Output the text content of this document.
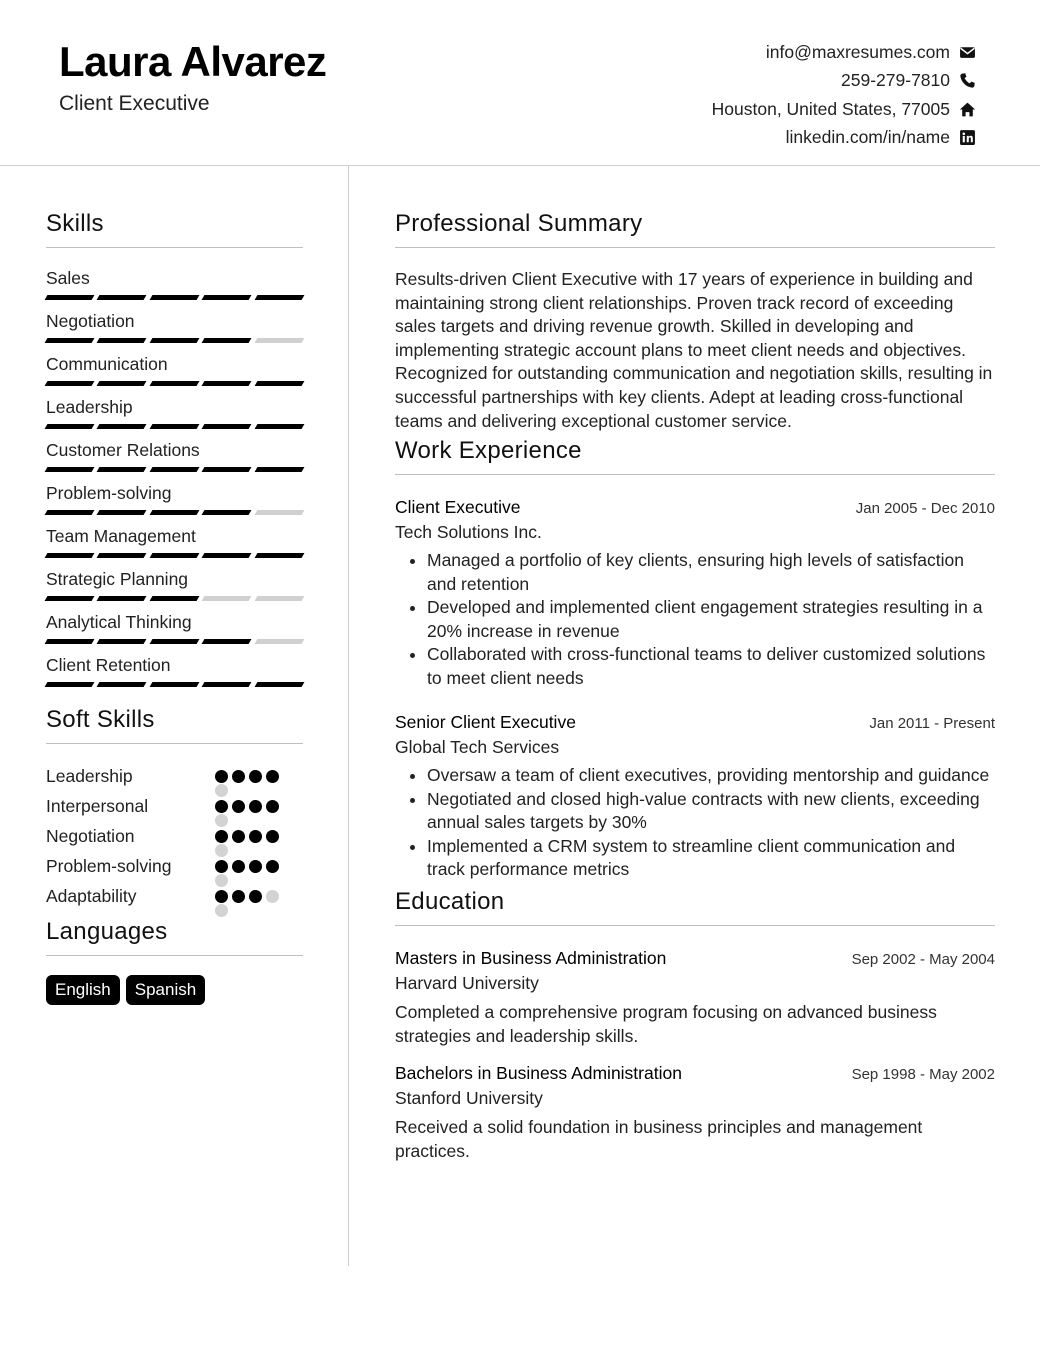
Laura Alvarez
Client Executive
info@maxresumes.com
259-279-7810
Houston, United States, 77005
linkedin.com/in/name
Skills
Sales
Negotiation
Communication
Leadership
Customer Relations
Problem-solving
Team Management
Strategic Planning
Analytical Thinking
Client Retention
Soft Skills
Leadership
Interpersonal
Negotiation
Problem-solving
Adaptability
Languages
English	Spanish
Professional Summary
Results-driven Client Executive with 17 years of experience in building and maintaining strong client relationships. Proven track record of exceeding sales targets and driving revenue growth. Skilled in developing and implementing strategic account plans to meet client needs and objectives. Recognized for outstanding communication and negotiation skills, resulting in successful partnerships with key clients. Adept at leading cross-functional teams and delivering exceptional customer service.
Work Experience
Client Executive	Jan 2005 - Dec 2010
Tech Solutions Inc.
• Managed a portfolio of key clients, ensuring high levels of satisfaction and retention
• Developed and implemented client engagement strategies resulting in a 20% increase in revenue
• Collaborated with cross-functional teams to deliver customized solutions to meet client needs
Senior Client Executive	Jan 2011 - Present
Global Tech Services
• Oversaw a team of client executives, providing mentorship and guidance
• Negotiated and closed high-value contracts with new clients, exceeding annual sales targets by 30%
• Implemented a CRM system to streamline client communication and track performance metrics
Education
Masters in Business Administration	Sep 2002 - May 2004
Harvard University
Completed a comprehensive program focusing on advanced business strategies and leadership skills.
Bachelors in Business Administration	Sep 1998 - May 2002
Stanford University
Received a solid foundation in business principles and management practices.
